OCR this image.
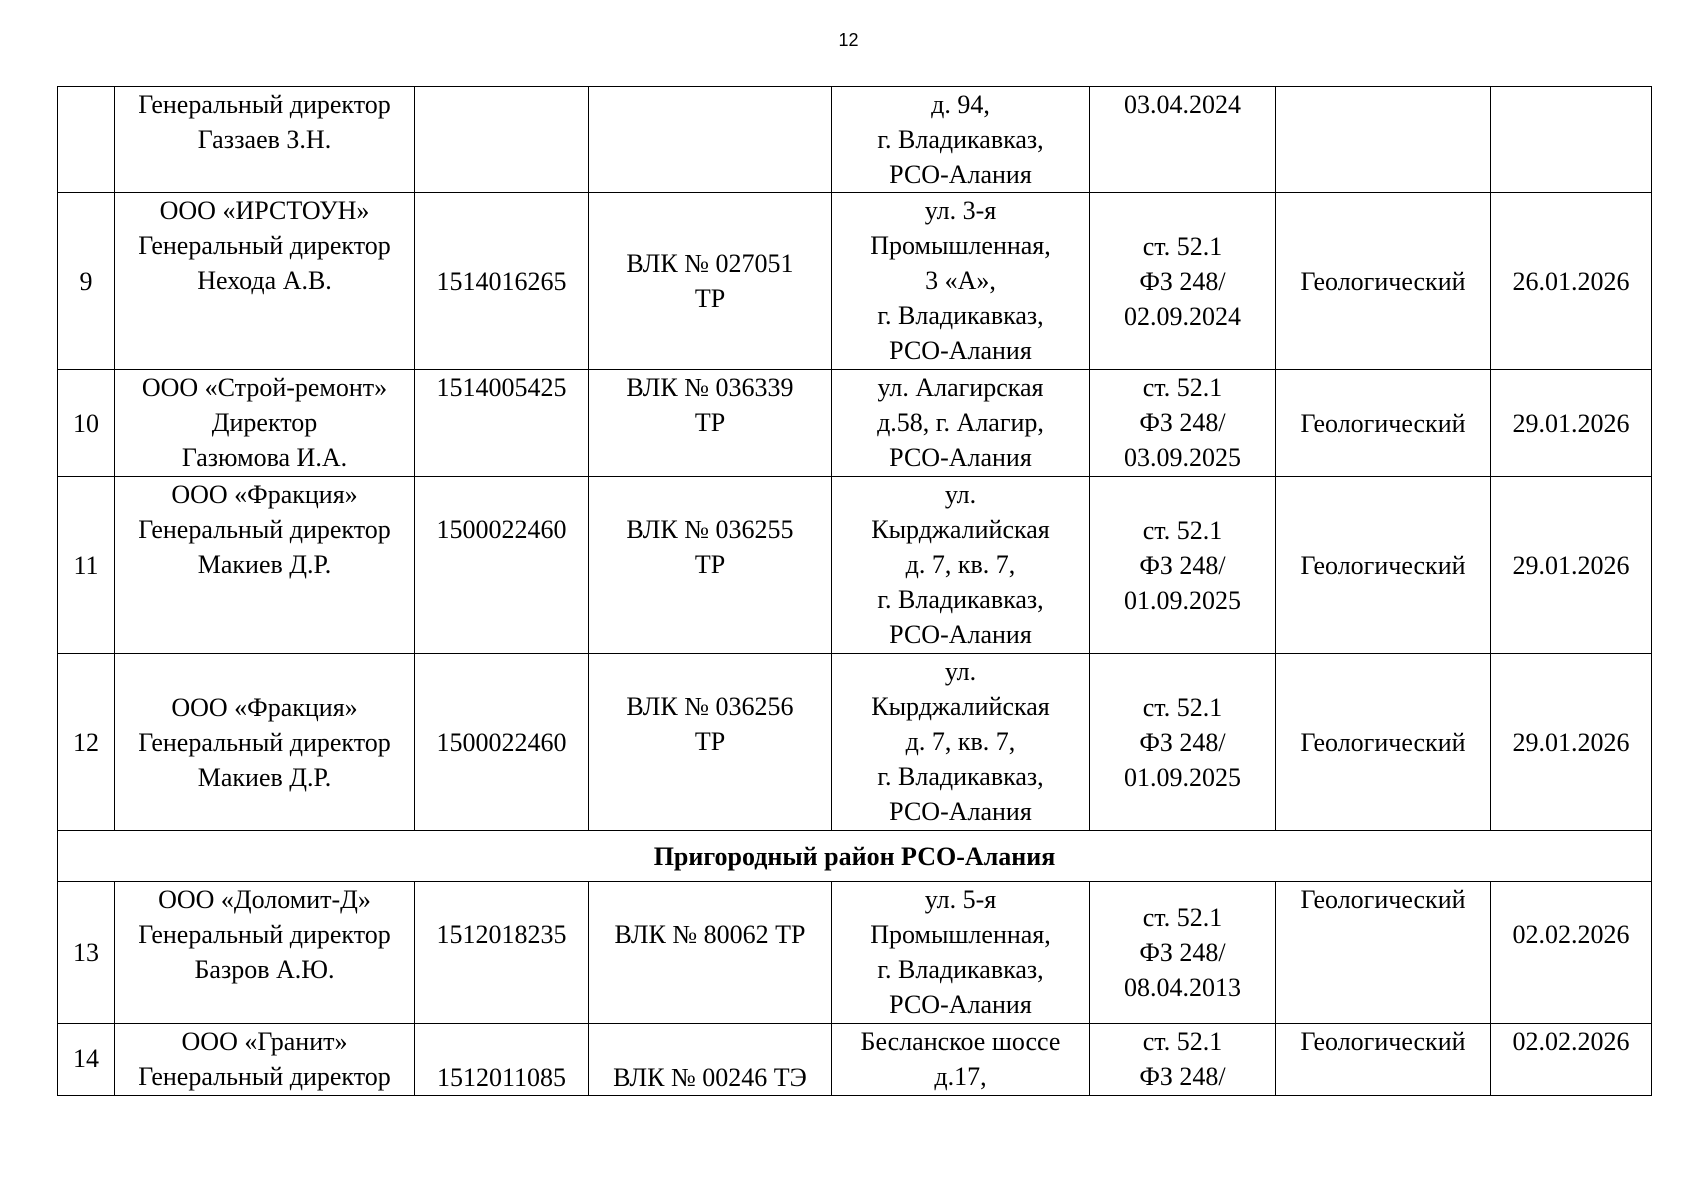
12

	Генеральный директор
Газзаев З.Н.			д. 94,
г. Владикавказ,
РСО-Алания	03.04.2024		

9	ООО «ИРСТОУН»
Генеральный директор
Неходa А.В.	1514016265	ВЛК № 027051
ТР	ул. 3-я
Промышленная,
3 «А»,
г. Владикавказ,
РСО-Алания	ст. 52.1
ФЗ 248/
02.09.2024	Геологический	26.01.2026
10	ООО «Строй-ремонт»
Директор
Газюмова И.А.	1514005425	ВЛК № 036339
ТР	ул. Алагирская
д.58, г. Алагир,
РСО-Алания	ст. 52.1
ФЗ 248/
03.09.2025	Геологический	29.01.2026
11	ООО «Фракция»
Генеральный директор
Макиев Д.Р.	1500022460	ВЛК № 036255
ТР	ул.
Кырджалийская
д. 7, кв. 7,
г. Владикавказ,
РСО-Алания	ст. 52.1
ФЗ 248/
01.09.2025	Геологический	29.01.2026
12	ООО «Фракция»
Генеральный директор
Макиев Д.Р.	1500022460	ВЛК № 036256
ТР	ул.
Кырджалийская
д. 7, кв. 7,
г. Владикавказ,
РСО-Алания	ст. 52.1
ФЗ 248/
01.09.2025	Геологический	29.01.2026
Пригородный район РСО-Алания							
13	ООО «Доломит-Д»
Генеральный директор
Базров А.Ю.	1512018235	ВЛК № 80062 ТР	ул. 5-я
Промышленная,
г. Владикавказ,
РСО-Алания	ст. 52.1
ФЗ 248/
08.04.2013	Геологический	02.02.2026

14	ООО «Гранит»
Генеральный директор	1512011085	ВЛК № 00246 ТЭ	Бесланское шоссе
д.17,	ст. 52.1
ФЗ 248/	Геологический	02.02.2026
